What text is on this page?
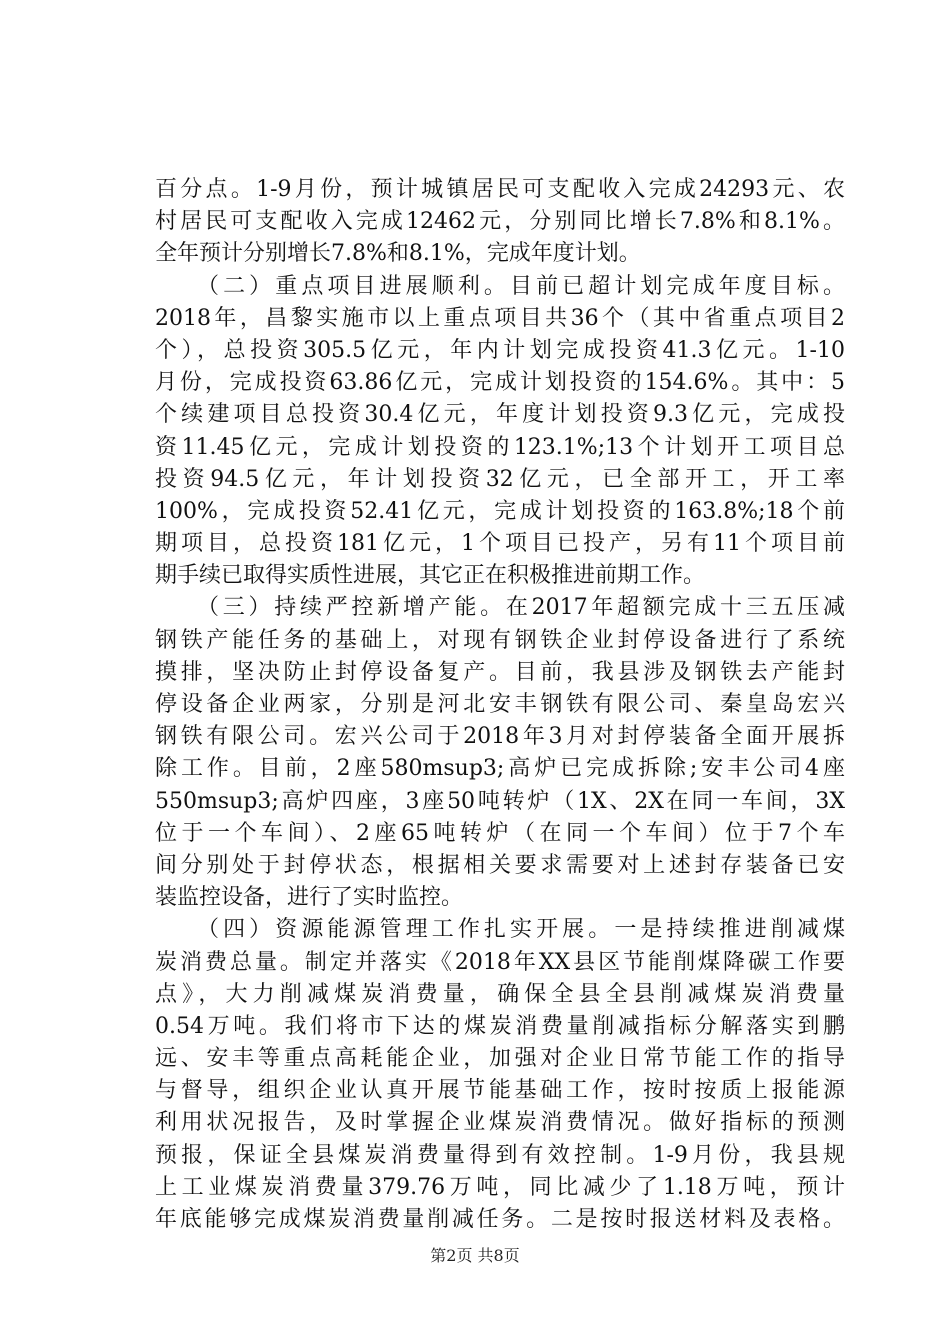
百分点。1-9月份，预计城镇居民可支配收入完成24293元、农
村居民可支配收入完成12462元，分别同比增长7.8%和8.1%。
全年预计分别增长7.8%和8.1%，完成年度计划。
（二）重点项目进展顺利。目前已超计划完成年度目标。
2018年，昌黎实施市以上重点项目共36个（其中省重点项目2
个），总投资305.5亿元，年内计划完成投资41.3亿元。1-10
月份，完成投资63.86亿元，完成计划投资的154.6%。其中：5
个续建项目总投资30.4亿元，年度计划投资9.3亿元，完成投
资11.45亿元，完成计划投资的123.1%;13个计划开工项目总
投资94.5亿元，年计划投资32亿元，已全部开工，开工率
100%，完成投资52.41亿元，完成计划投资的163.8%;18个前
期项目，总投资181亿元，1个项目已投产，另有11个项目前
期手续已取得实质性进展，其它正在积极推进前期工作。
（三）持续严控新增产能。在2017年超额完成十三五压减
钢铁产能任务的基础上，对现有钢铁企业封停设备进行了系统
摸排，坚决防止封停设备复产。目前，我县涉及钢铁去产能封
停设备企业两家，分别是河北安丰钢铁有限公司、秦皇岛宏兴
钢铁有限公司。宏兴公司于2018年3月对封停装备全面开展拆
除工作。目前，2座580msup3;高炉已完成拆除;安丰公司4座
550msup3;高炉四座，3座50吨转炉（1X、2X在同一车间，3X
位于一个车间）、2座65吨转炉（在同一个车间）位于7个车
间分别处于封停状态，根据相关要求需要对上述封存装备已安
装监控设备，进行了实时监控。
（四）资源能源管理工作扎实开展。一是持续推进削减煤
炭消费总量。制定并落实《2018年XX县区节能削煤降碳工作要
点》，大力削减煤炭消费量，确保全县全县削减煤炭消费量
0.54万吨。我们将市下达的煤炭消费量削减指标分解落实到鹏
远、安丰等重点高耗能企业，加强对企业日常节能工作的指导
与督导，组织企业认真开展节能基础工作，按时按质上报能源
利用状况报告，及时掌握企业煤炭消费情况。做好指标的预测
预报，保证全县煤炭消费量得到有效控制。1-9月份，我县规
上工业煤炭消费量379.76万吨，同比减少了1.18万吨，预计
年底能够完成煤炭消费量削减任务。二是按时报送材料及表格。
第2页 共8页
